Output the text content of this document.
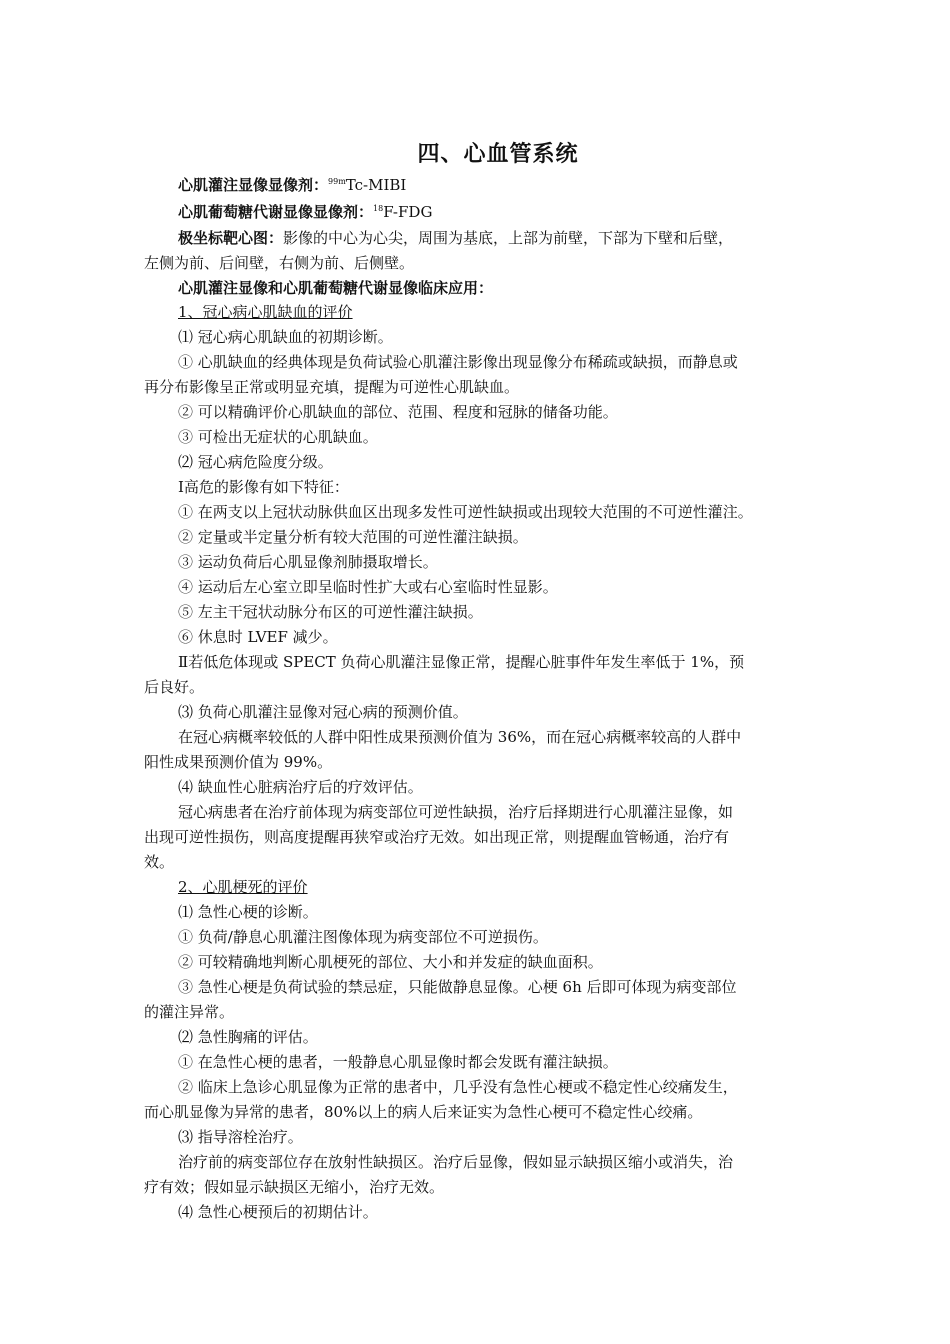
四、心血管系统
心肌灌注显像显像剂：$^{99m}$Tc-MIBI
心肌葡萄糖代谢显像显像剂：$^{18}$F-FDG
极坐标靶心图：影像的中心为心尖，周围为基底，上部为前壁，下部为下壁和后壁，
左侧为前、后间壁，右侧为前、后侧壁。
心肌灌注显像和心肌葡萄糖代谢显像临床应用：
1、冠心病心肌缺血的评价
⑴ 冠心病心肌缺血的初期诊断。
① 心肌缺血的经典体现是负荷试验心肌灌注影像出现显像分布稀疏或缺损，而静息或
再分布影像呈正常或明显充填，提醒为可逆性心肌缺血。
② 可以精确评价心肌缺血的部位、范围、程度和冠脉的储备功能。
③ 可检出无症状的心肌缺血。
⑵ 冠心病危险度分级。
Ⅰ高危的影像有如下特征：
① 在两支以上冠状动脉供血区出现多发性可逆性缺损或出现较大范围的不可逆性灌注。
② 定量或半定量分析有较大范围的可逆性灌注缺损。
③ 运动负荷后心肌显像剂肺摄取增长。
④ 运动后左心室立即呈临时性扩大或右心室临时性显影。
⑤ 左主干冠状动脉分布区的可逆性灌注缺损。
⑥ 休息时 LVEF 减少。
Ⅱ若低危体现或 SPECT 负荷心肌灌注显像正常，提醒心脏事件年发生率低于 1%，预
后良好。
⑶ 负荷心肌灌注显像对冠心病的预测价值。
在冠心病概率较低的人群中阳性成果预测价值为 36%，而在冠心病概率较高的人群中
阳性成果预测价值为 99%。
⑷ 缺血性心脏病治疗后的疗效评估。
冠心病患者在治疗前体现为病变部位可逆性缺损，治疗后择期进行心肌灌注显像，如
出现可逆性损伤，则高度提醒再狭窄或治疗无效。如出现正常，则提醒血管畅通，治疗有
效。
2、心肌梗死的评价
⑴ 急性心梗的诊断。
① 负荷/静息心肌灌注图像体现为病变部位不可逆损伤。
② 可较精确地判断心肌梗死的部位、大小和并发症的缺血面积。
③ 急性心梗是负荷试验的禁忌症，只能做静息显像。心梗 6h 后即可体现为病变部位
的灌注异常。
⑵ 急性胸痛的评估。
① 在急性心梗的患者，一般静息心肌显像时都会发既有灌注缺损。
② 临床上急诊心肌显像为正常的患者中，几乎没有急性心梗或不稳定性心绞痛发生，
而心肌显像为异常的患者，80%以上的病人后来证实为急性心梗可不稳定性心绞痛。
⑶ 指导溶栓治疗。
治疗前的病变部位存在放射性缺损区。治疗后显像，假如显示缺损区缩小或消失，治
疗有效；假如显示缺损区无缩小，治疗无效。
⑷ 急性心梗预后的初期估计。
